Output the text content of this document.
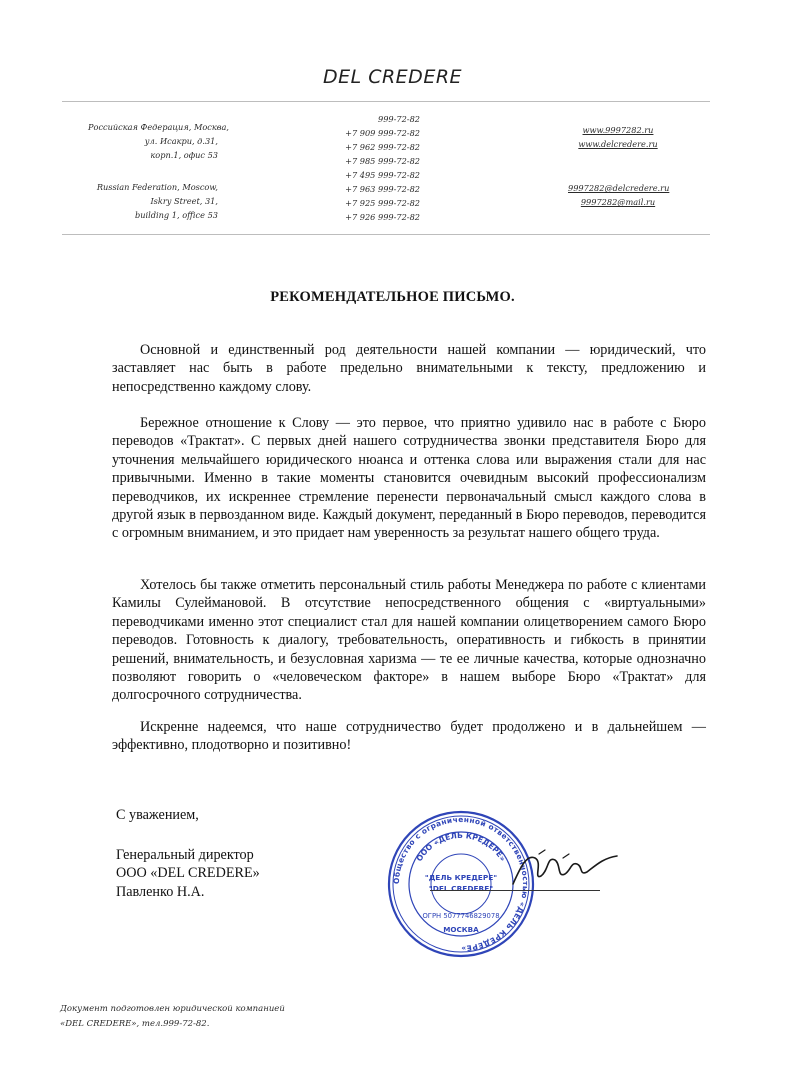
DEL CREDERE
Российская Федерация, Москва,
ул. Исакри, д.31,
корп.1, офис 53
Russian Federation, Moscow,
Iskry Street, 31,
building 1, office 53
999-72-82
+7 909 999-72-82
+7 962 999-72-82
+7 985 999-72-82
+7 495 999-72-82
+7 963 999-72-82
+7 925 999-72-82
+7 926 999-72-82
www.9997282.ru
www.delcredere.ru
9997282@delcredere.ru
9997282@mail.ru
РЕКОМЕНДАТЕЛЬНОЕ ПИСЬМО.
Основной и единственный род деятельности нашей компании — юридический, что заставляет нас быть в работе предельно внимательными к тексту, предложению и непосредственно каждому слову.
Бережное отношение к Слову — это первое, что приятно удивило нас в работе с Бюро переводов «Трактат». С первых дней нашего сотрудничества звонки представителя Бюро для уточнения мельчайшего юридического нюанса и оттенка слова или выражения стали для нас привычными. Именно в такие моменты становится очевидным высокий профессионализм переводчиков, их искреннее стремление перенести первоначальный смысл каждого слова в другой язык в первозданном виде. Каждый документ, переданный в Бюро переводов, переводится с огромным вниманием, и это придает нам уверенность за результат нашего общего труда.
Хотелось бы также отметить персональный стиль работы Менеджера по работе с клиентами Камилы Сулеймановой. В отсутствие непосредственного общения с «виртуальными» переводчиками именно этот специалист стал для нашей компании олицетворением самого Бюро переводов. Готовность к диалогу, требовательность, оперативность и гибкость в принятии решений, внимательность, и безусловная харизма — те ее личные качества, которые однозначно позволяют говорить о «человеческом факторе» в нашем выборе Бюро «Трактат» для долгосрочного сотрудничества.
Искренне надеемся, что наше сотрудничество будет продолжено и в дальнейшем — эффективно, плодотворно и позитивно!
С уважением,
Генеральный директор
ООО «DEL CREDERE»
Павленко Н.А.
Общество с ограниченной ответственностью «ДЕЛЬ КРЕДЕРЕ»
ООО «ДЕЛЬ КРЕДЕРЕ»
"ДЕЛЬ КРЕДЕРЕ"
"DEL CREDERE"
ОГРН 5077746829078
МОСКВА
Документ подготовлен юридической компанией
«DEL CREDERE», тел.999-72-82.
